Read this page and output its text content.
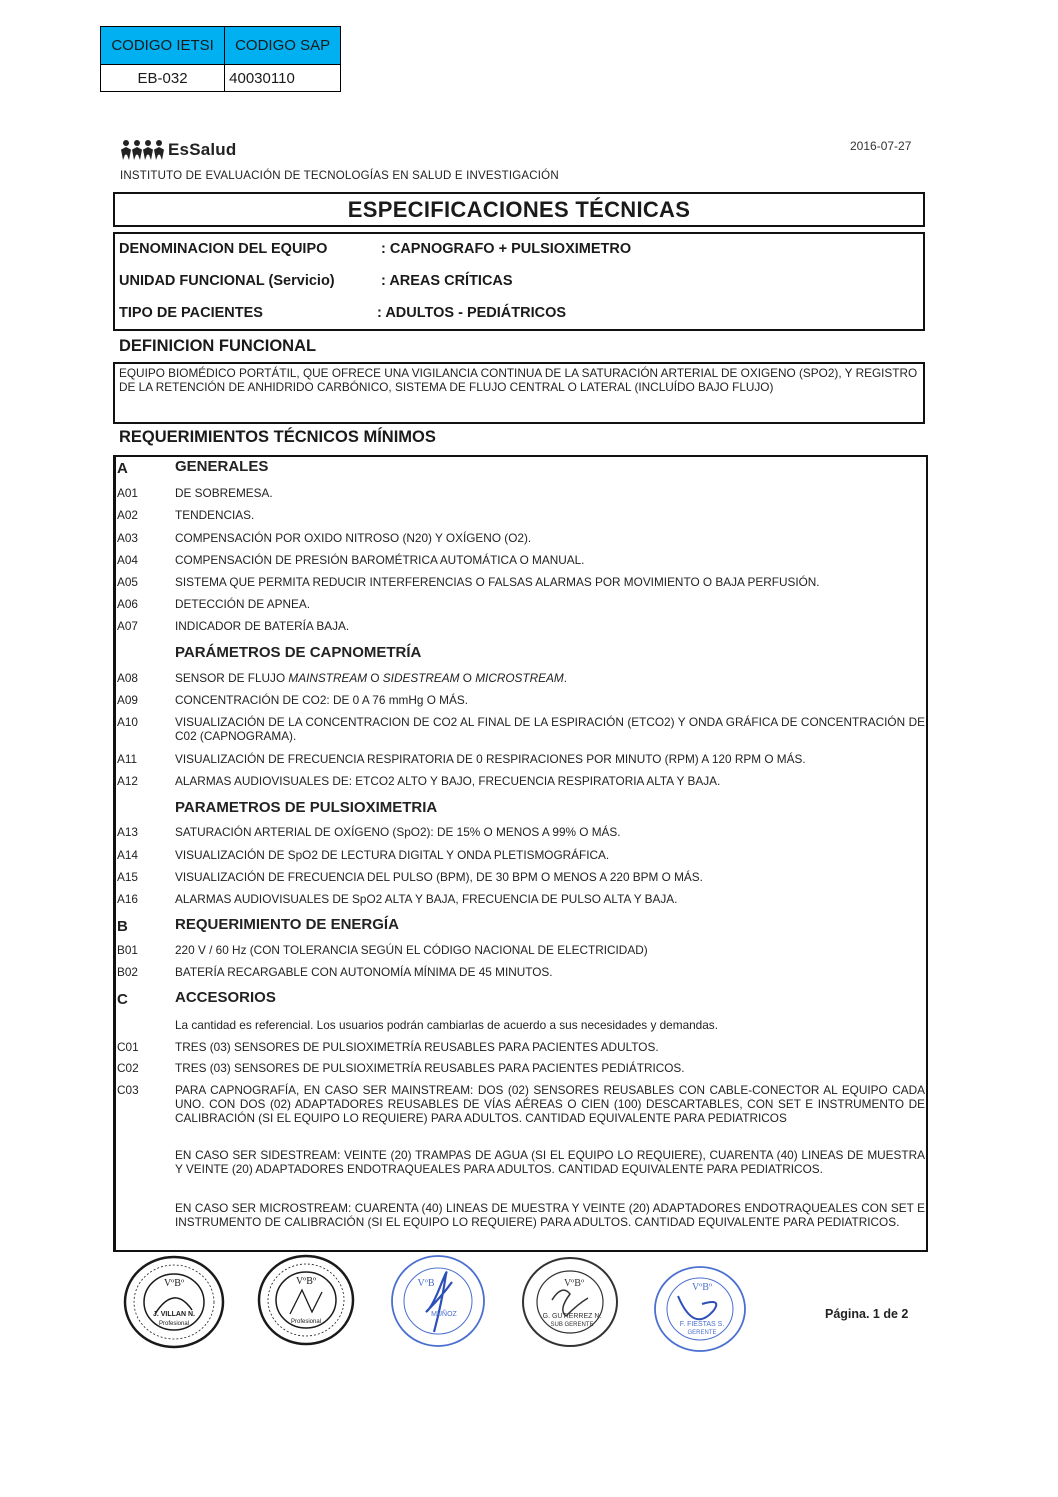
CODIGO IETSI	CODIGO SAP
EB-032	40030110
EsSalud
INSTITUTO DE EVALUACIÓN DE TECNOLOGÍAS EN SALUD E INVESTIGACIÓN
2016-07-27
ESPECIFICACIONES TÉCNICAS
DENOMINACION DEL EQUIPO	: CAPNOGRAFO + PULSIOXIMETRO
UNIDAD FUNCIONAL (Servicio)	: AREAS CRÍTICAS
TIPO DE PACIENTES	: ADULTOS - PEDIÁTRICOS
DEFINICION FUNCIONAL
EQUIPO BIOMÉDICO PORTÁTIL, QUE OFRECE UNA VIGILANCIA CONTINUA DE LA SATURACIÓN ARTERIAL DE OXIGENO (SPO2), Y REGISTRO DE LA RETENCIÓN DE ANHIDRIDO CARBÓNICO, SISTEMA DE FLUJO CENTRAL O LATERAL (INCLUÍDO BAJO FLUJO)
REQUERIMIENTOS TÉCNICOS MÍNIMOS
A	GENERALES
A01	DE SOBREMESA.
A02	TENDENCIAS.
A03	COMPENSACIÓN POR OXIDO NITROSO (N20) Y OXÍGENO (O2).
A04	COMPENSACIÓN DE PRESIÓN BAROMÉTRICA AUTOMÁTICA O MANUAL.
A05	SISTEMA QUE PERMITA REDUCIR INTERFERENCIAS O FALSAS ALARMAS POR MOVIMIENTO O BAJA PERFUSIÓN.
A06	DETECCIÓN DE APNEA.
A07	INDICADOR DE BATERÍA BAJA.
PARÁMETROS DE CAPNOMETRÍA
A08	SENSOR DE FLUJO MAINSTREAM O SIDESTREAM O MICROSTREAM.
A09	CONCENTRACIÓN DE CO2: DE 0 A 76 mmHg O MÁS.
A10	VISUALIZACIÓN DE LA CONCENTRACION DE CO2 AL FINAL DE LA ESPIRACIÓN (ETCO2) Y ONDA GRÁFICA DE CONCENTRACIÓN DE C02 (CAPNOGRAMA).
A11	VISUALIZACIÓN DE FRECUENCIA RESPIRATORIA DE 0 RESPIRACIONES POR MINUTO (RPM) A 120 RPM O MÁS.
A12	ALARMAS AUDIOVISUALES DE: ETCO2 ALTO Y BAJO, FRECUENCIA RESPIRATORIA ALTA Y BAJA.
PARAMETROS DE PULSIOXIMETRIA
A13	SATURACIÓN ARTERIAL DE OXÍGENO (SpO2): DE 15% O MENOS A 99% O MÁS.
A14	VISUALIZACIÓN DE SpO2 DE LECTURA DIGITAL Y ONDA PLETISMOGRÁFICA.
A15	VISUALIZACIÓN DE FRECUENCIA DEL PULSO (BPM), DE 30 BPM O MENOS A 220 BPM O MÁS.
A16	ALARMAS AUDIOVISUALES DE SpO2 ALTA Y BAJA, FRECUENCIA DE PULSO ALTA Y BAJA.
B	REQUERIMIENTO DE ENERGÍA
B01	220 V / 60 Hz (CON TOLERANCIA SEGÚN EL CÓDIGO NACIONAL DE ELECTRICIDAD)
B02	BATERÍA RECARGABLE CON AUTONOMÍA MÍNIMA DE 45 MINUTOS.
C	ACCESORIOS
La cantidad es referencial. Los usuarios podrán cambiarlas de acuerdo a sus necesidades y demandas.
C01	TRES (03) SENSORES DE PULSIOXIMETRÍA REUSABLES PARA PACIENTES ADULTOS.
C02	TRES (03) SENSORES DE PULSIOXIMETRÍA REUSABLES PARA PACIENTES PEDIÁTRICOS.
C03	PARA CAPNOGRAFÍA, EN CASO SER MAINSTREAM: DOS (02) SENSORES REUSABLES CON CABLE-CONECTOR AL EQUIPO CADA UNO. CON DOS (02) ADAPTADORES REUSABLES DE VÍAS AÉREAS O CIEN (100) DESCARTABLES, CON SET E INSTRUMENTO DE CALIBRACIÓN (SI EL EQUIPO LO REQUIERE) PARA ADULTOS. CANTIDAD EQUIVALENTE PARA PEDIATRICOS
EN CASO SER SIDESTREAM: VEINTE (20) TRAMPAS DE AGUA (SI EL EQUIPO LO REQUIERE), CUARENTA (40) LINEAS DE MUESTRA Y VEINTE (20) ADAPTADORES ENDOTRAQUEALES PARA ADULTOS. CANTIDAD EQUIVALENTE PARA PEDIATRICOS.
EN CASO SER MICROSTREAM: CUARENTA (40) LINEAS DE MUESTRA Y VEINTE (20) ADAPTADORES ENDOTRAQUEALES CON SET E INSTRUMENTO DE CALIBRACIÓN (SI EL EQUIPO LO REQUIERE) PARA ADULTOS. CANTIDAD EQUIVALENTE PARA PEDIATRICOS.
VºBº
J. VILLAN N.
Profesional
VºBº
Profesional
VºB
MUÑOZ
VºBº
G. GUTIERREZ N.
SUB GERENTE
VºBº
F. FIESTAS S.
GERENTE
Página. 1 de 2
